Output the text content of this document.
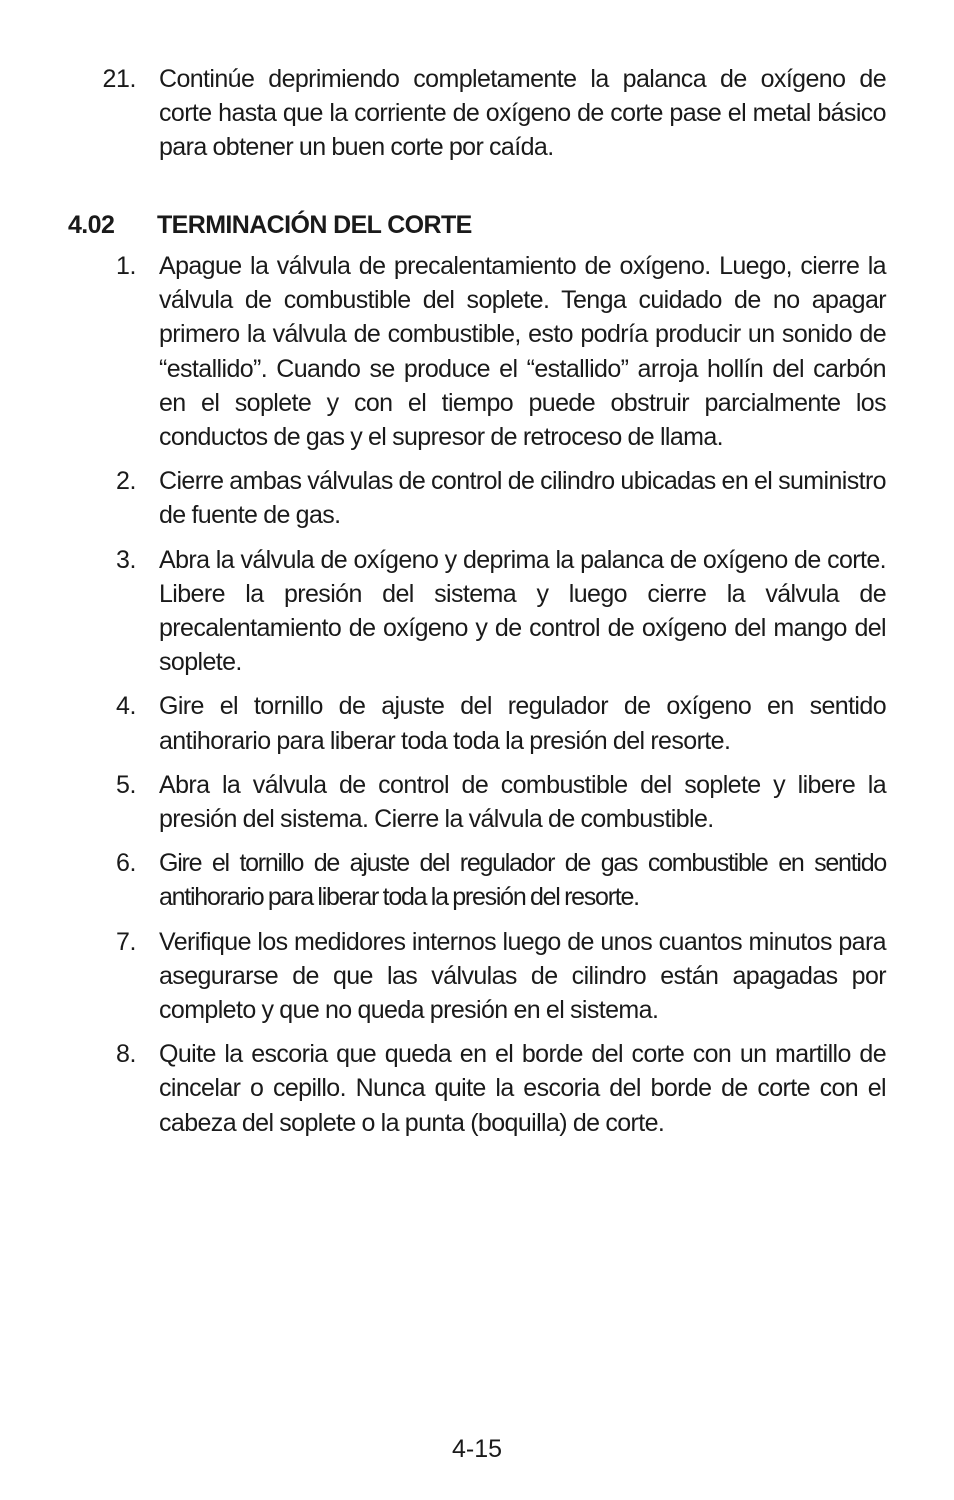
21. Continúe deprimiendo completamente la palanca de oxígeno de corte hasta que la corriente de oxígeno de corte pase el metal básico para obtener un buen corte por caída.
4.02 TERMINACIÓN DEL CORTE
1. Apague la válvula de precalentamiento de oxígeno. Luego, cierre la válvula de combustible del soplete. Tenga cuidado de no apagar primero la válvula de combustible, esto podría producir un sonido de “estallido”. Cuando se produce el “estallido” arroja hollín del carbón en el soplete y con el tiempo puede obstruir parcialmente los conductos de gas y el supresor de retroceso de llama.
2. Cierre ambas válvulas de control de cilindro ubicadas en el suministro de fuente de gas.
3. Abra la válvula de oxígeno y deprima la palanca de oxígeno de corte. Libere la presión del sistema y luego cierre la válvula de precalentamiento de oxígeno y de control de oxígeno del mango del soplete.
4. Gire el tornillo de ajuste del regulador de oxígeno en sentido antihorario para liberar toda toda la presión del resorte.
5. Abra la válvula de control de combustible del soplete y libere la presión del sistema. Cierre la válvula de combustible.
6. Gire el tornillo de ajuste del regulador de gas combustible en sentido antihorario para liberar toda la presión del resorte.
7. Verifique los medidores internos luego de unos cuantos minutos para asegurarse de que las válvulas de cilindro están apagadas por completo y que no queda presión en el sistema.
8. Quite la escoria que queda en el borde del corte con un martillo de cincelar o cepillo. Nunca quite la escoria del borde de corte con el cabeza del soplete o la punta (boquilla) de corte.
4-15
